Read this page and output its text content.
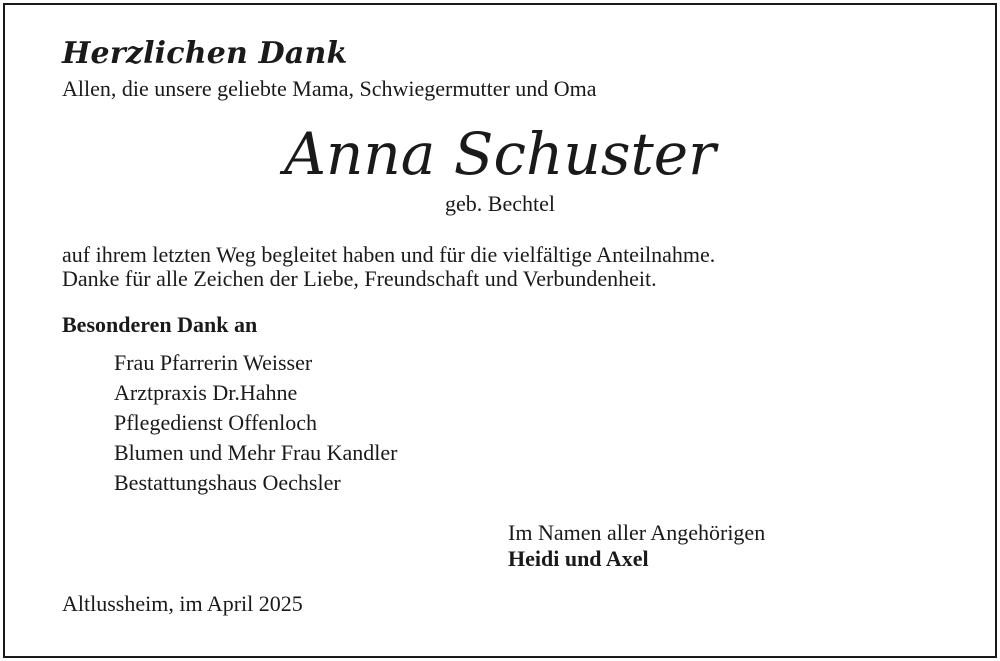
Herzlichen Dank
Allen, die unsere geliebte Mama, Schwiegermutter und Oma
Anna Schuster
geb. Bechtel
auf ihrem letzten Weg begleitet haben und für die vielfältige Anteilnahme.
Danke für alle Zeichen der Liebe, Freundschaft und Verbundenheit.
Besonderen Dank an
Frau Pfarrerin Weisser
Arztpraxis Dr.Hahne
Pflegedienst Offenloch
Blumen und Mehr Frau Kandler
Bestattungshaus Oechsler
Im Namen aller Angehörigen
Heidi und Axel
Altlussheim, im April 2025
